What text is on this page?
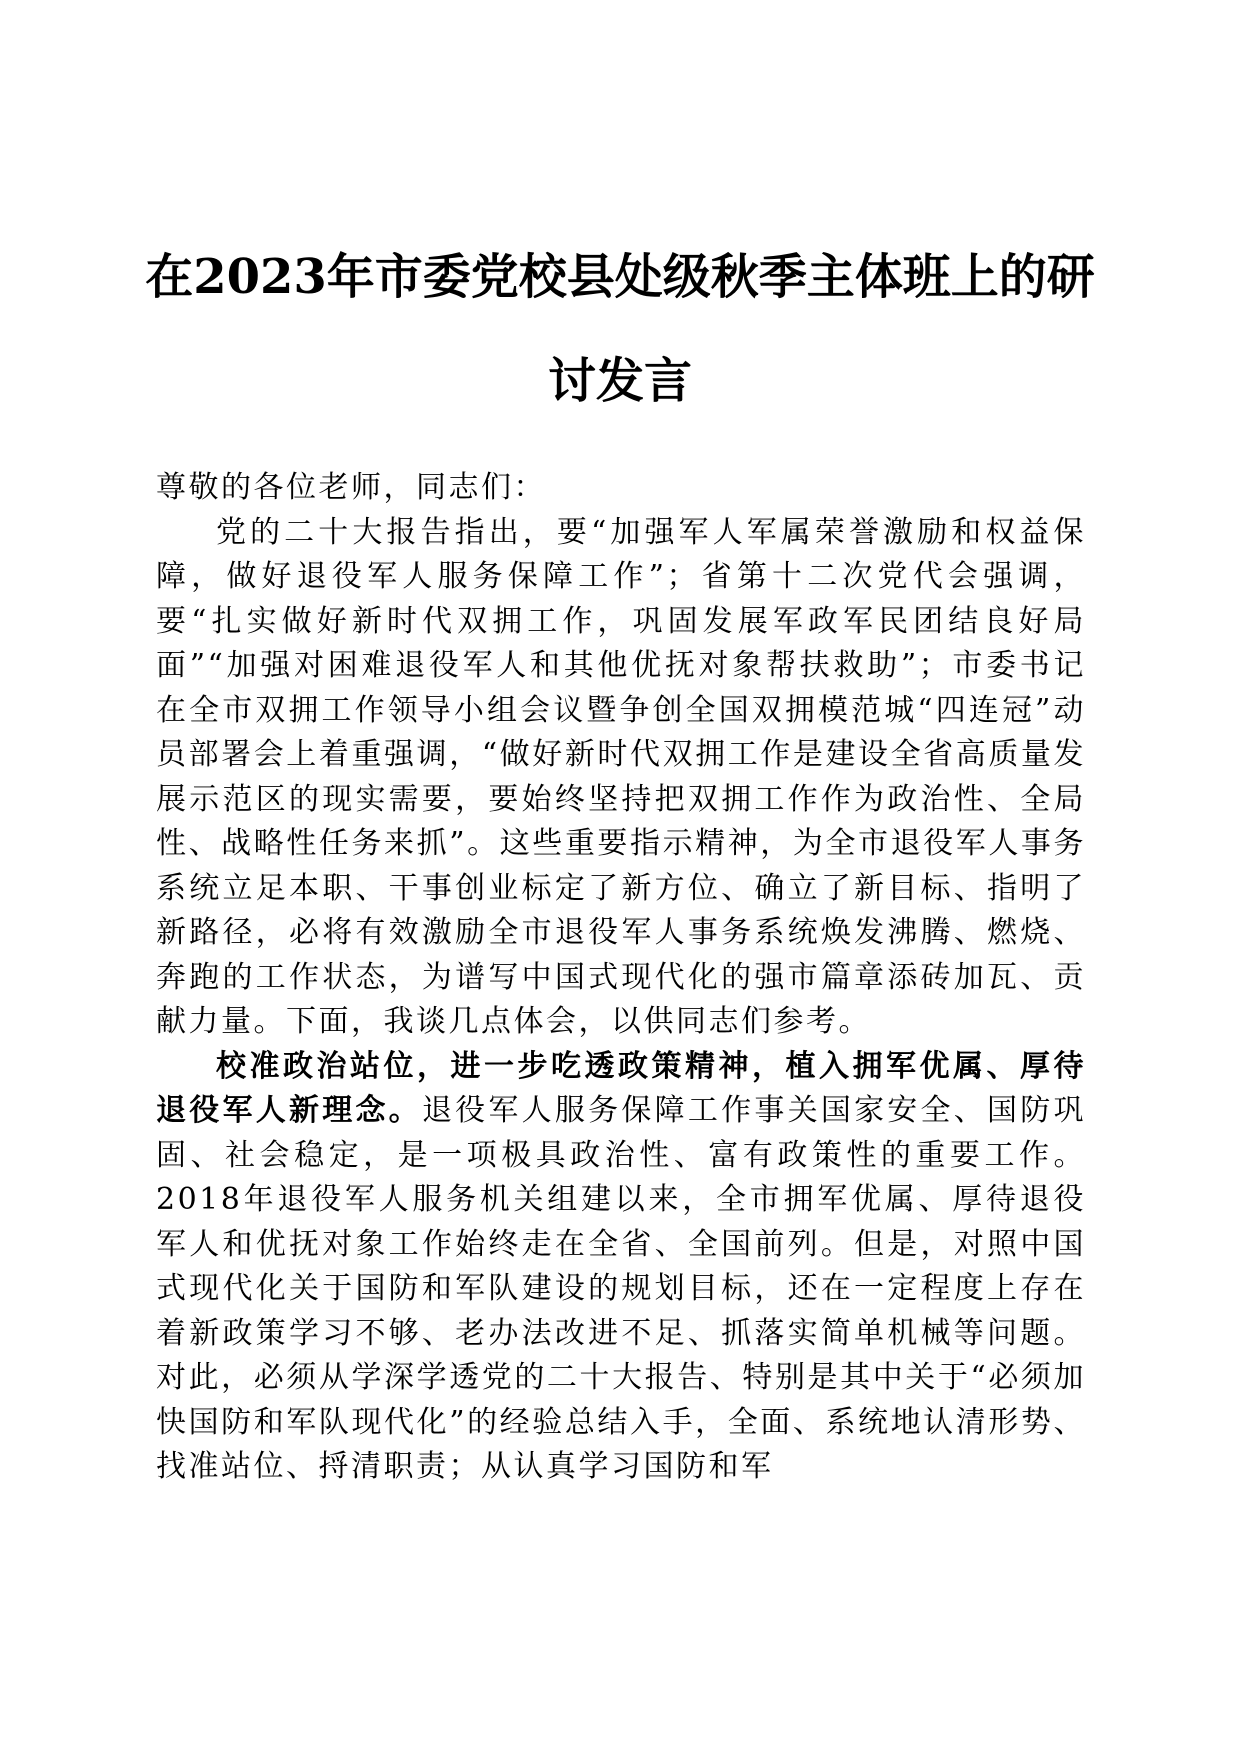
在2023年市委党校县处级秋季主体班上的研
讨发言

尊敬的各位老师，同志们：

党的二十大报告指出，要“加强军人军属荣誉激励和权益保障，做好退役军人服务保障工作”；省第十二次党代会强调，要“扎实做好新时代双拥工作，巩固发展军政军民团结良好局面”“加强对困难退役军人和其他优抚对象帮扶救助”；市委书记在全市双拥工作领导小组会议暨争创全国双拥模范城“四连冠”动员部署会上着重强调，“做好新时代双拥工作是建设全省高质量发展示范区的现实需要，要始终坚持把双拥工作作为政治性、全局性、战略性任务来抓”。这些重要指示精神，为全市退役军人事务系统立足本职、干事创业标定了新方位、确立了新目标、指明了新路径，必将有效激励全市退役军人事务系统焕发沸腾、燃烧、奔跑的工作状态，为谱写中国式现代化的强市篇章添砖加瓦、贡献力量。下面，我谈几点体会，以供同志们参考。

校准政治站位，进一步吃透政策精神，植入拥军优属、厚待退役军人新理念。退役军人服务保障工作事关国家安全、国防巩固、社会稳定，是一项极具政治性、富有政策性的重要工作。2018年退役军人服务机关组建以来，全市拥军优属、厚待退役军人和优抚对象工作始终走在全省、全国前列。但是，对照中国式现代化关于国防和军队建设的规划目标，还在一定程度上存在着新政策学习不够、老办法改进不足、抓落实简单机械等问题。对此，必须从学深学透党的二十大报告、特别是其中关于“必须加快国防和军队现代化”的经验总结入手，全面、系统地认清形势、找准站位、捋清职责；从认真学习国防和军
